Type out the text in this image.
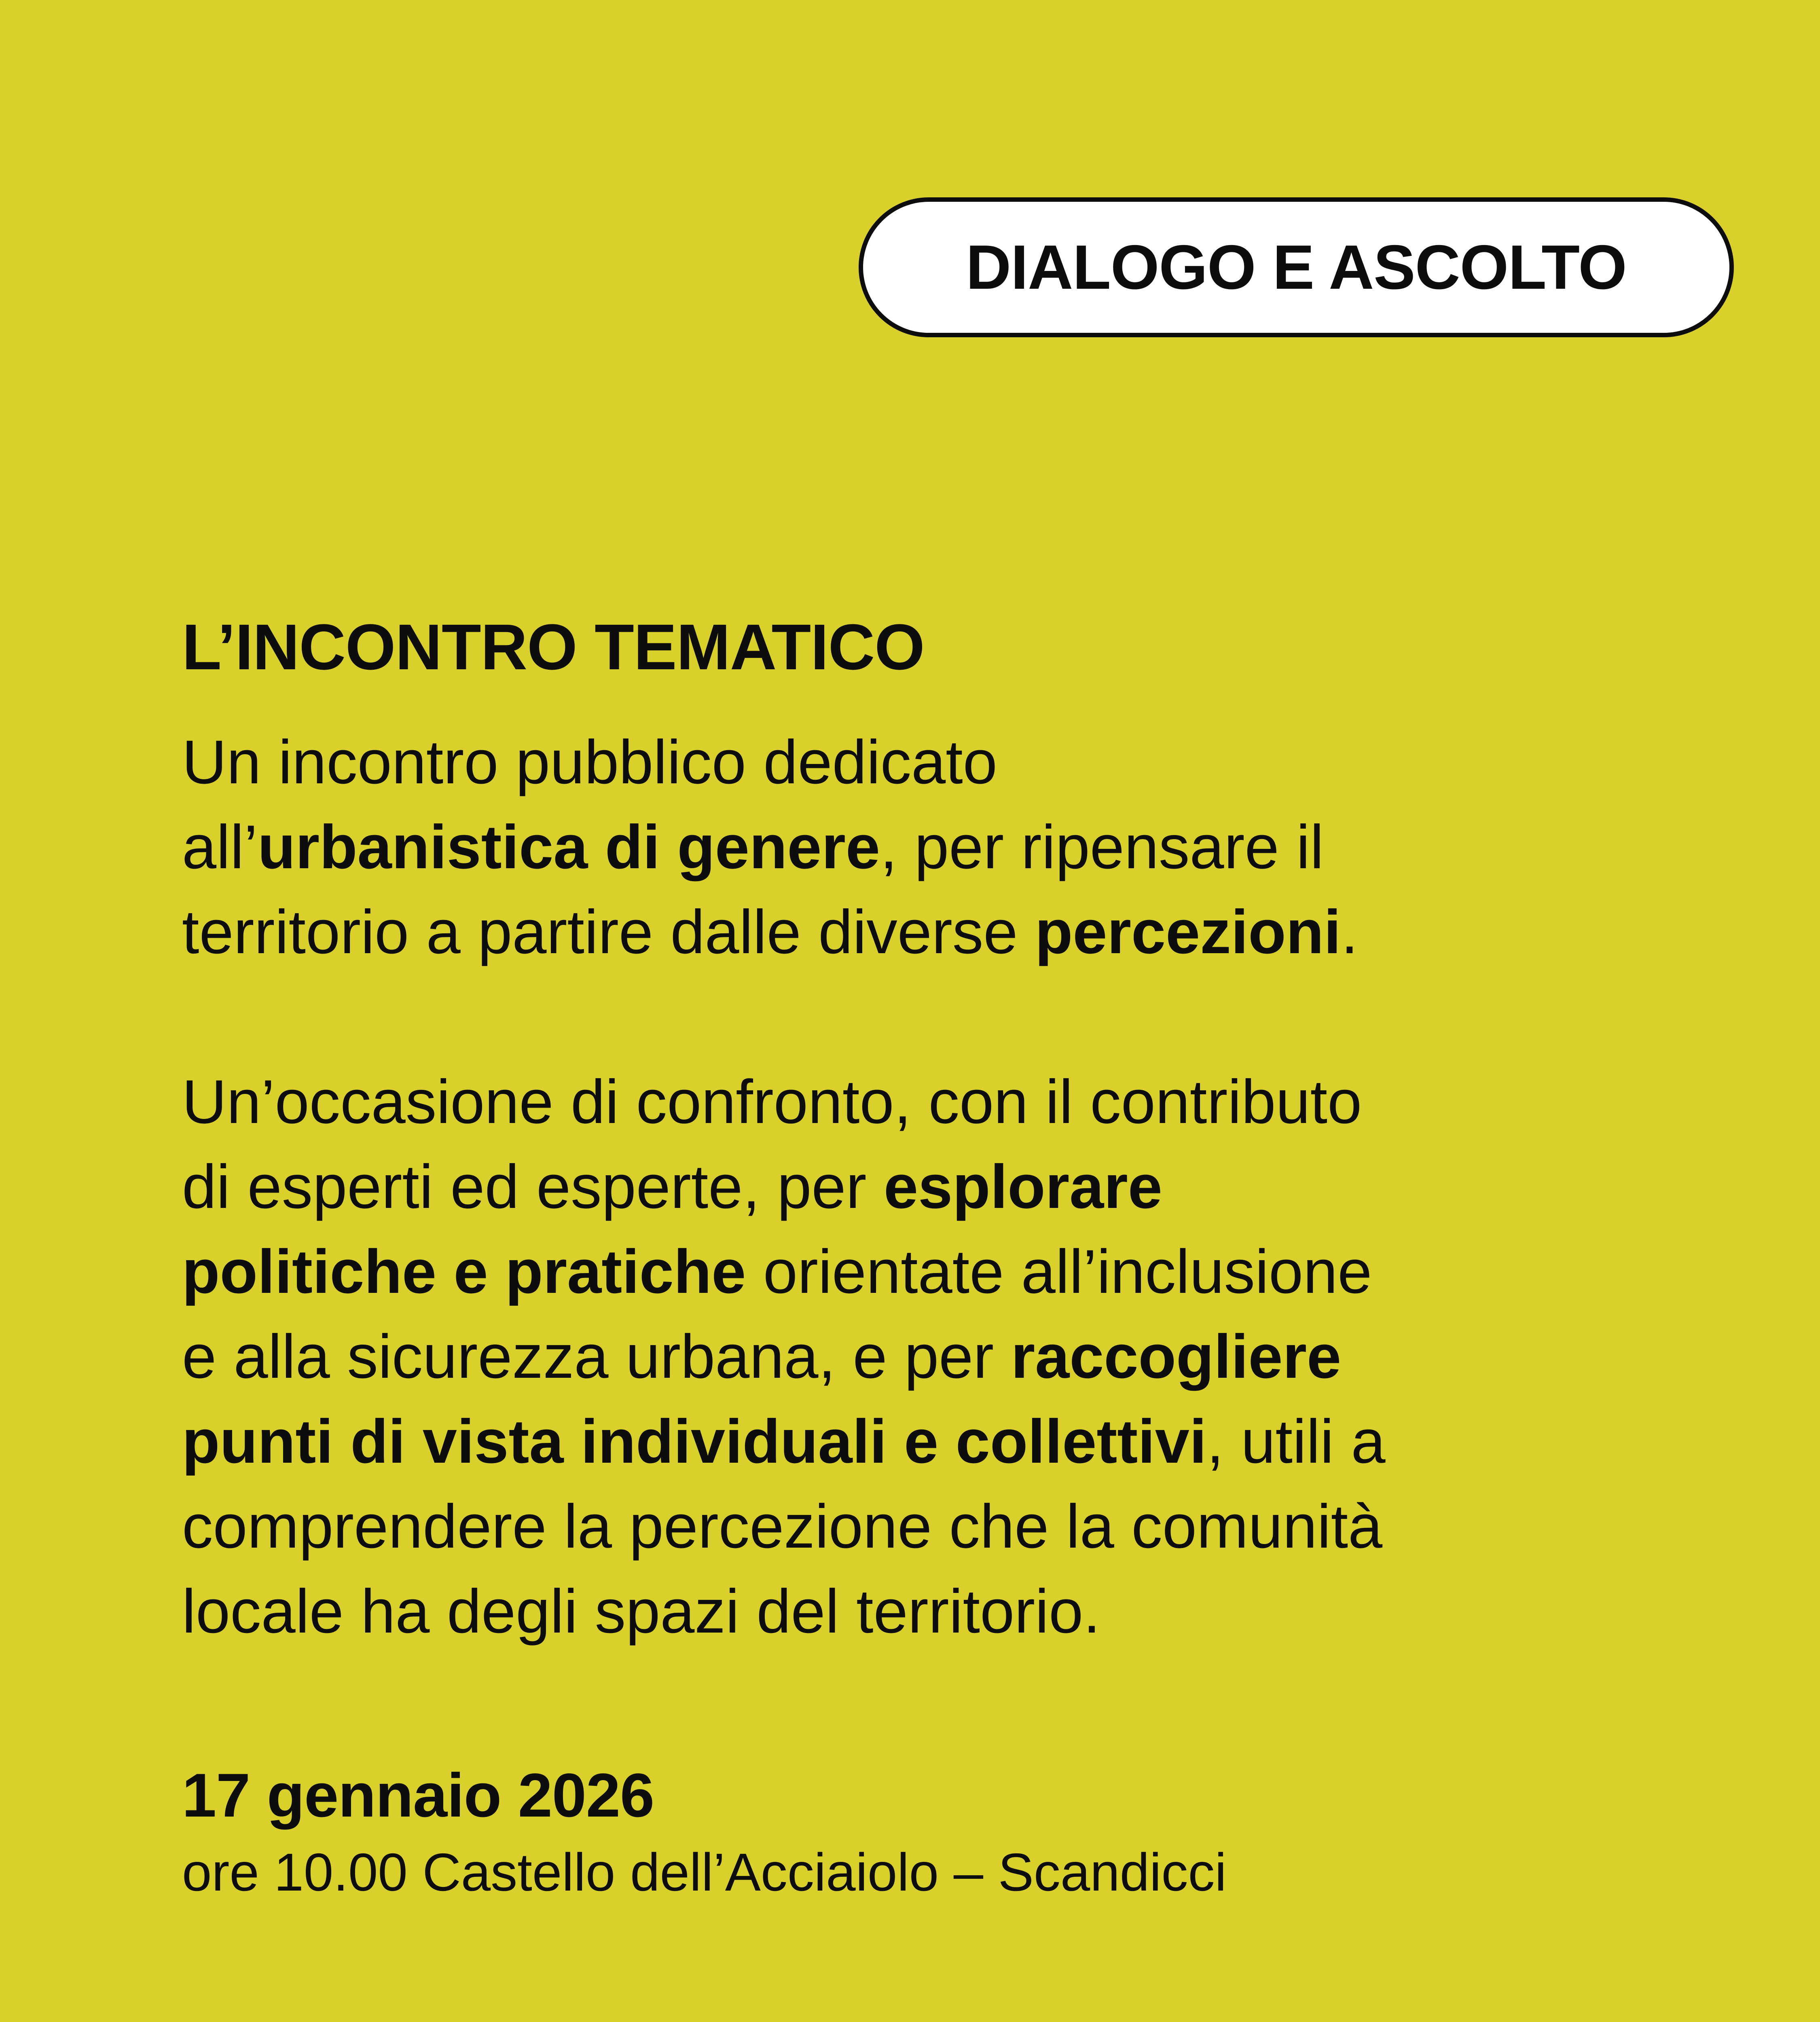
DIALOGO E ASCOLTO
L’INCONTRO TEMATICO

Un incontro pubblico dedicato
all’urbanistica di genere, per ripensare il
territorio a partire dalle diverse percezioni.

Un’occasione di confronto, con il contributo
di esperti ed esperte, per esplorare
politiche e pratiche orientate all’inclusione
e alla sicurezza urbana, e per raccogliere
punti di vista individuali e collettivi, utili a
comprendere la percezione che la comunità
locale ha degli spazi del territorio.

17 gennaio 2026
ore 10.00 Castello dell’Acciaiolo – Scandicci
